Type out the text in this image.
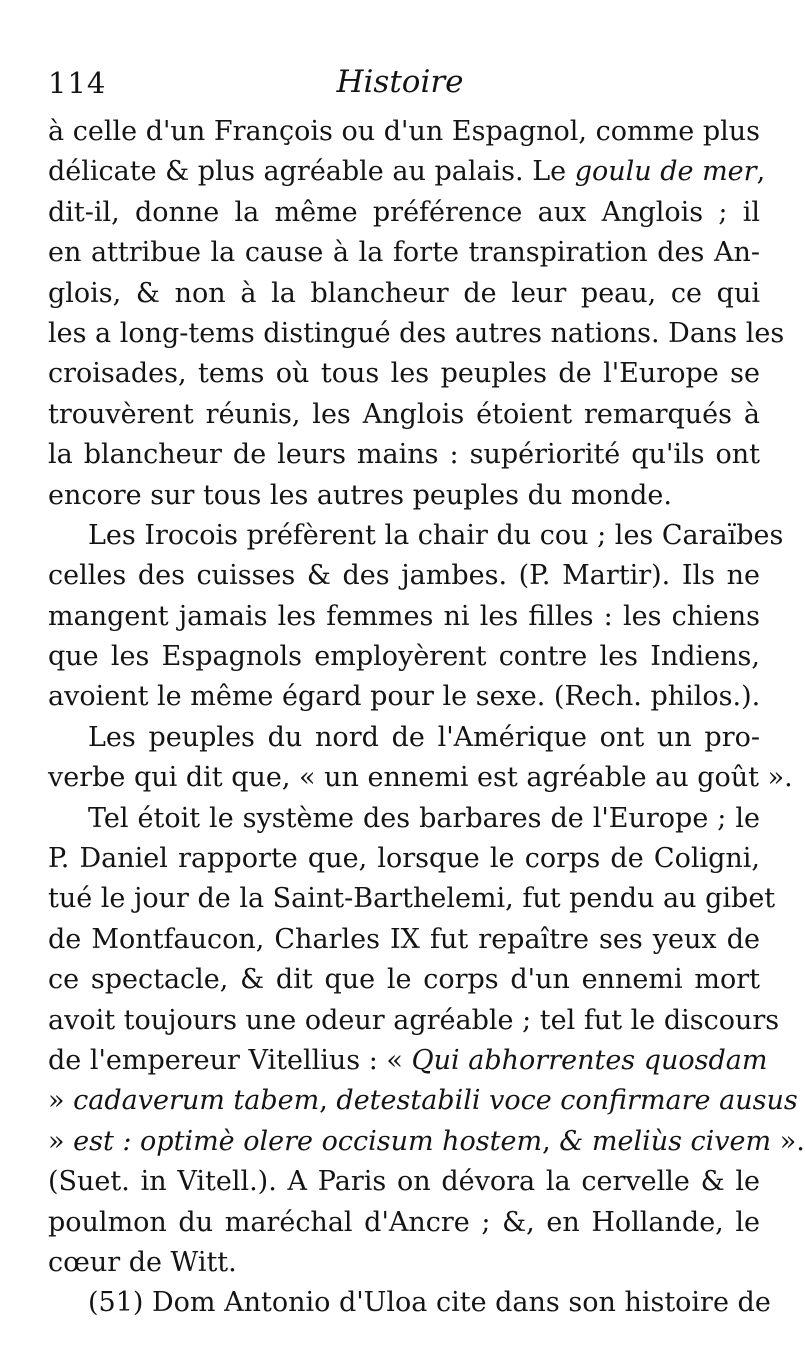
114	Histoire
à celle d'un François ou d'un Espagnol, comme plus
délicate & plus agréable au palais. Le goulu de mer,
dit-il, donne la même préférence aux Anglois ; il
en attribue la cause à la forte transpiration des An-
glois, & non à la blancheur de leur peau, ce qui
les a long-tems distingué des autres nations. Dans les
croisades, tems où tous les peuples de l'Europe se
trouvèrent réunis, les Anglois étoient remarqués à
la blancheur de leurs mains : supériorité qu'ils ont
encore sur tous les autres peuples du monde.
Les Irocois préfèrent la chair du cou ; les Caraïbes
celles des cuisses & des jambes. (P. Martir). Ils ne
mangent jamais les femmes ni les filles : les chiens
que les Espagnols employèrent contre les Indiens,
avoient le même égard pour le sexe. (Rech. philos.).
Les peuples du nord de l'Amérique ont un pro-
verbe qui dit que, « un ennemi est agréable au goût ».
Tel étoit le système des barbares de l'Europe ; le
P. Daniel rapporte que, lorsque le corps de Coligni,
tué le jour de la Saint-Barthelemi, fut pendu au gibet
de Montfaucon, Charles IX fut repaître ses yeux de
ce spectacle, & dit que le corps d'un ennemi mort
avoit toujours une odeur agréable ; tel fut le discours
de l'empereur Vitellius : « Qui abhorrentes quosdam
» cadaverum tabem, detestabili voce confirmare ausus
» est : optimè olere occisum hostem, & meliùs civem ».
(Suet. in Vitell.). A Paris on dévora la cervelle & le
poulmon du maréchal d'Ancre ; &, en Hollande, le
cœur de Witt.
(51) Dom Antonio d'Uloa cite dans son histoire de
